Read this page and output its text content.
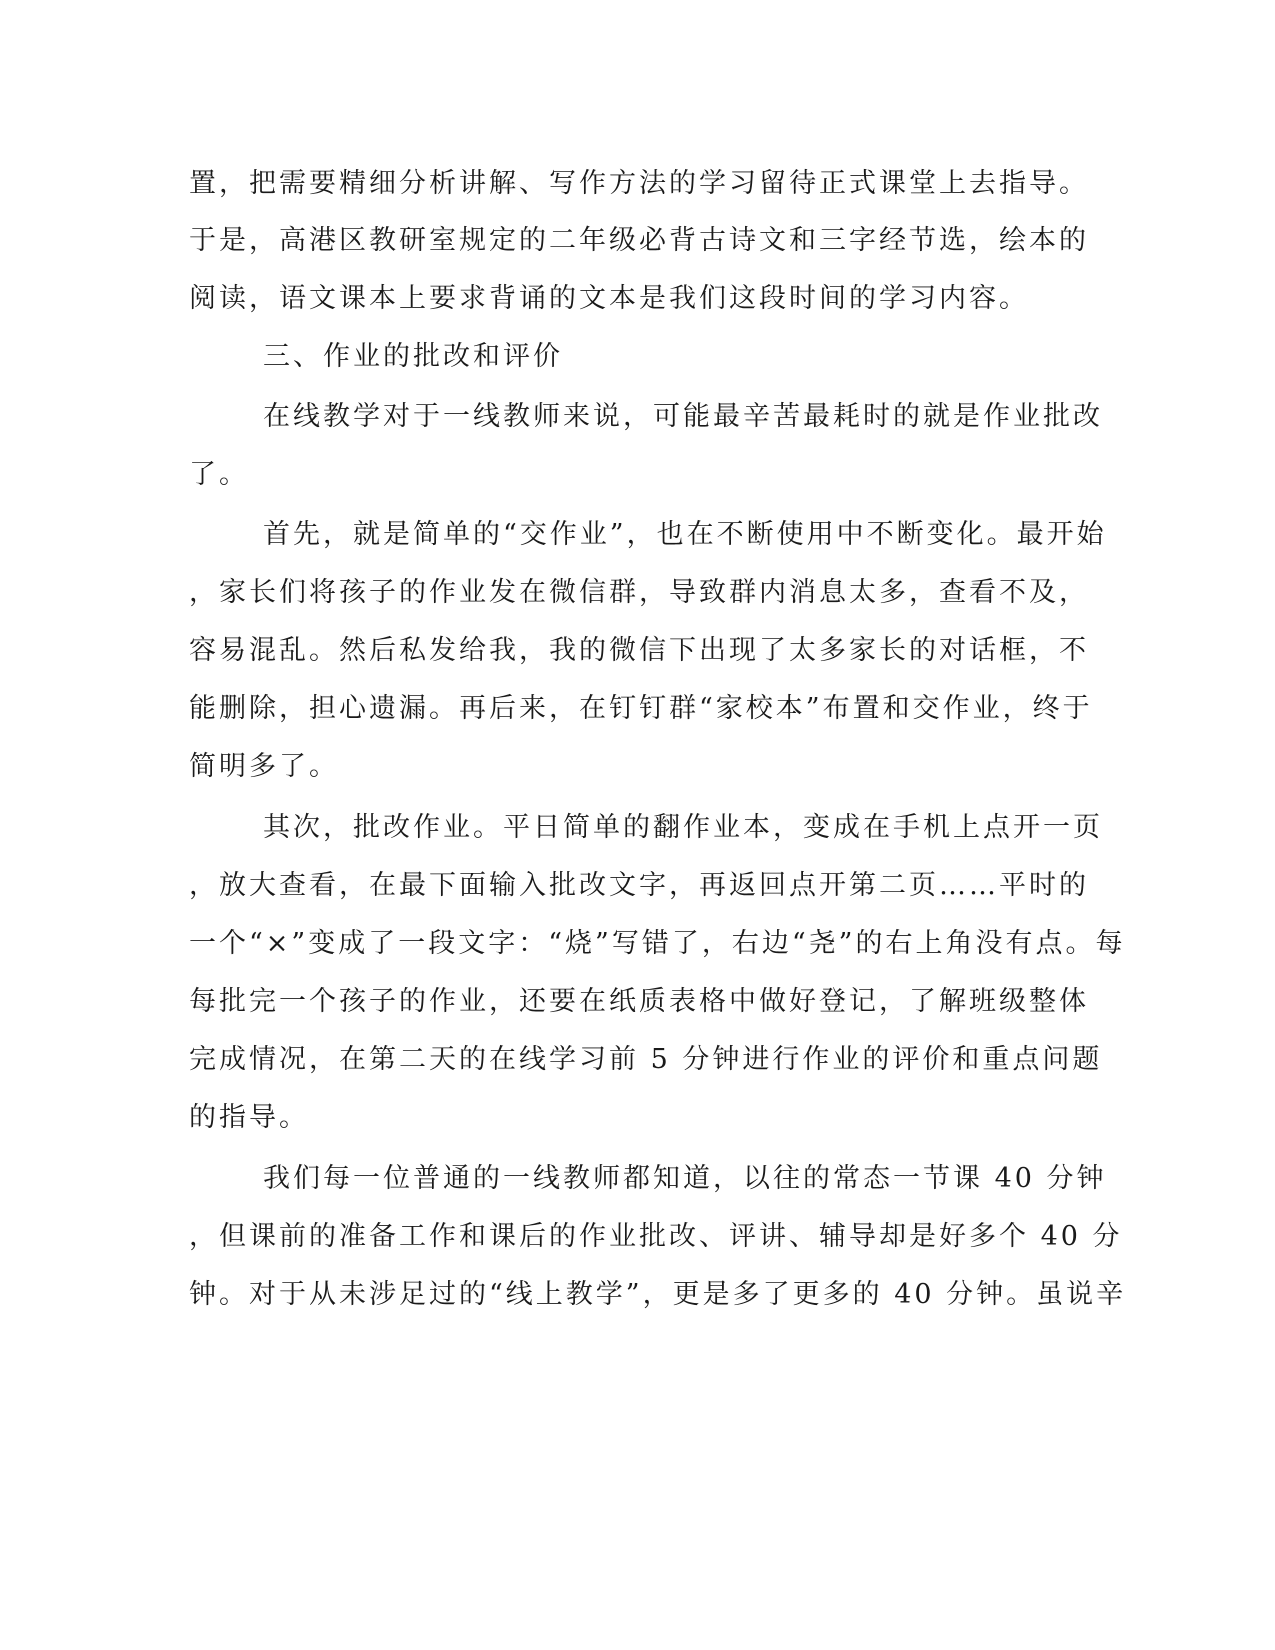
置，把需要精细分析讲解、写作方法的学习留待正式课堂上去指导。
于是，高港区教研室规定的二年级必背古诗文和三字经节选，绘本的
阅读，语文课本上要求背诵的文本是我们这段时间的学习内容。
三、作业的批改和评价
在线教学对于一线教师来说，可能最辛苦最耗时的就是作业批改
了。
首先，就是简单的“交作业”，也在不断使用中不断变化。最开始
，家长们将孩子的作业发在微信群，导致群内消息太多，查看不及，
容易混乱。然后私发给我，我的微信下出现了太多家长的对话框，不
能删除，担心遗漏。再后来，在钉钉群“家校本”布置和交作业，终于
简明多了。
其次，批改作业。平日简单的翻作业本，变成在手机上点开一页
，放大查看，在最下面输入批改文字，再返回点开第二页……平时的
一个“×”变成了一段文字：“烧”写错了，右边“尧”的右上角没有点。每
每批完一个孩子的作业，还要在纸质表格中做好登记，了解班级整体
完成情况，在第二天的在线学习前 5 分钟进行作业的评价和重点问题
的指导。
我们每一位普通的一线教师都知道，以往的常态一节课 40 分钟
，但课前的准备工作和课后的作业批改、评讲、辅导却是好多个 40 分
钟。对于从未涉足过的“线上教学”，更是多了更多的 40 分钟。虽说辛
